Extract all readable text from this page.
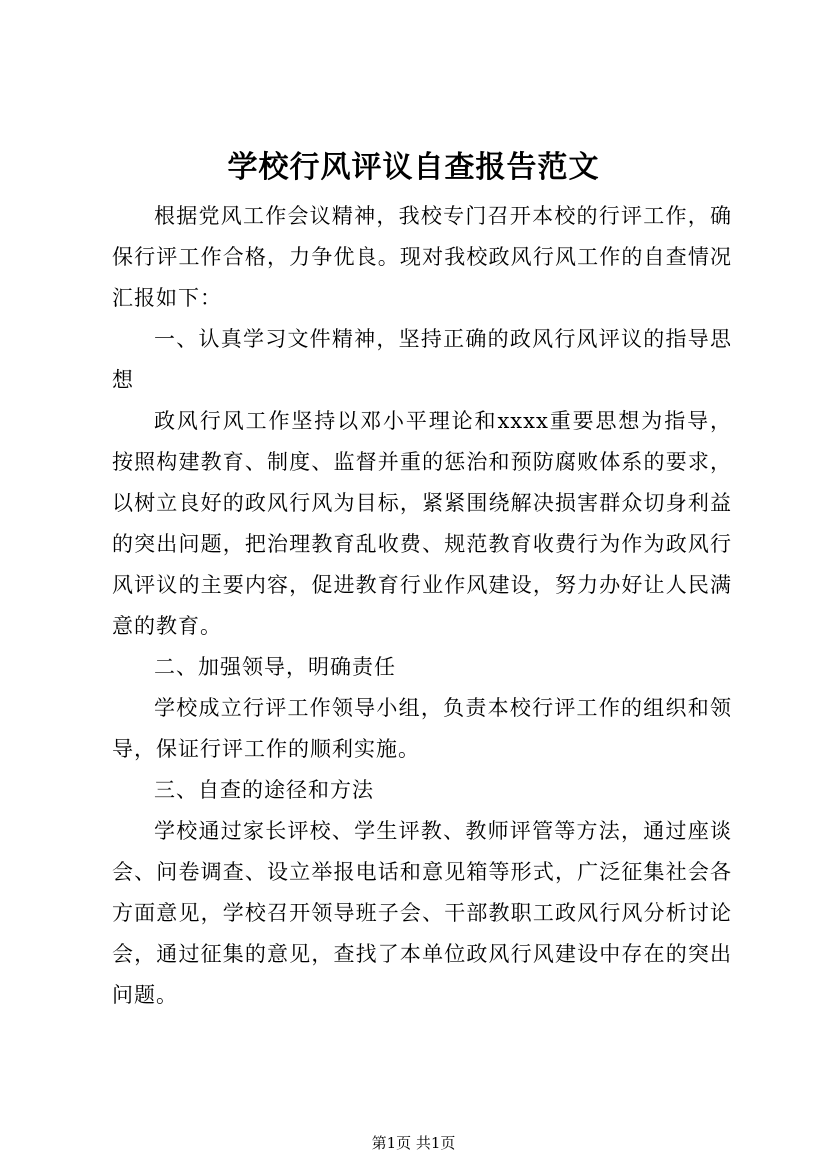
学校行风评议自查报告范文

根据党风工作会议精神，我校专门召开本校的行评工作，确保行评工作合格，力争优良。现对我校政风行风工作的自查情况汇报如下：

一、认真学习文件精神，坚持正确的政风行风评议的指导思想

政风行风工作坚持以邓小平理论和xxxx重要思想为指导，按照构建教育、制度、监督并重的惩治和预防腐败体系的要求，以树立良好的政风行风为目标，紧紧围绕解决损害群众切身利益的突出问题，把治理教育乱收费、规范教育收费行为作为政风行风评议的主要内容，促进教育行业作风建设，努力办好让人民满意的教育。

二、加强领导，明确责任

学校成立行评工作领导小组，负责本校行评工作的组织和领导，保证行评工作的顺利实施。

三、自查的途径和方法

学校通过家长评校、学生评教、教师评管等方法，通过座谈会、问卷调查、设立举报电话和意见箱等形式，广泛征集社会各方面意见，学校召开领导班子会、干部教职工政风行风分析讨论会，通过征集的意见，查找了本单位政风行风建设中存在的突出问题。

第1页 共1页
